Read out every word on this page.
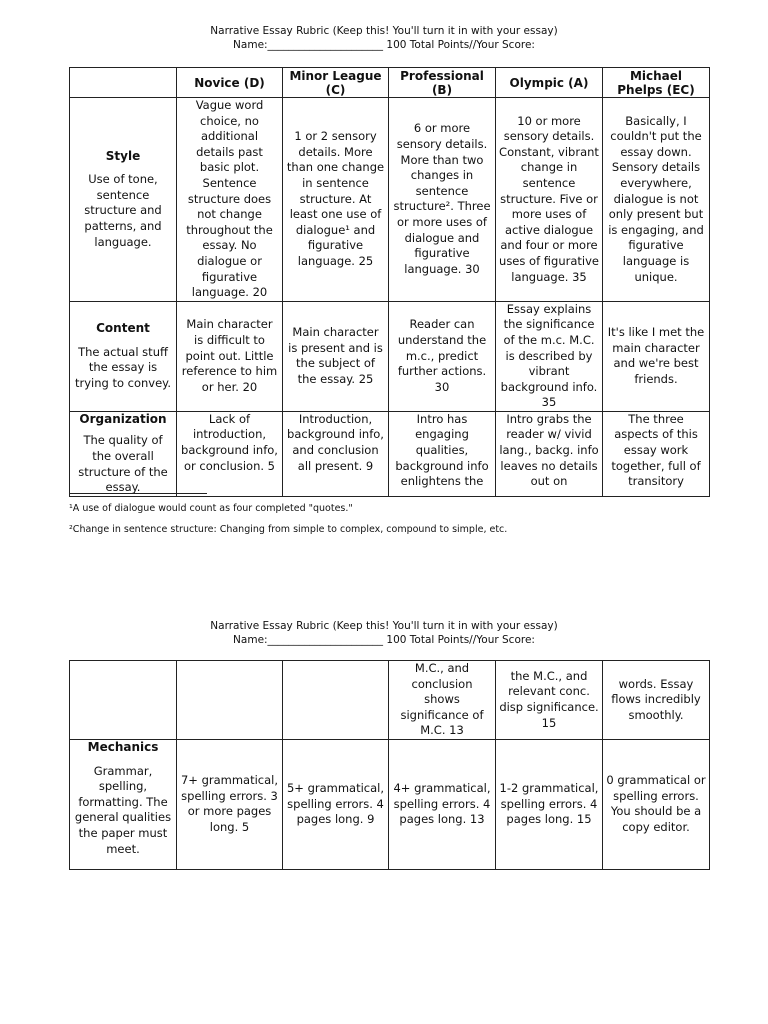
Narrative Essay Rubric (Keep this! You'll turn it in with your essay)
Name:______________________ 100 Total Points//Your Score:
	Novice (D)	Minor League (C)	Professional (B)	Olympic (A)	Michael Phelps (EC)

Style
Use of tone, sentence structure and patterns, and language.	Vague word choice, no additional details past basic plot. Sentence structure does not change throughout the essay. No dialogue or figurative language. 20	1 or 2 sensory details. More than one change in sentence structure. At least one use of dialogue¹ and figurative language. 25	6 or more sensory details. More than two changes in sentence structure². Three or more uses of dialogue and figurative language. 30	10 or more sensory details. Constant, vibrant change in sentence structure. Five or more uses of active dialogue and four or more uses of figurative language. 35	Basically, I couldn't put the essay down. Sensory details everywhere, dialogue is not only present but is engaging, and figurative language is unique.

Content
The actual stuff the essay is trying to convey.	Main character is difficult to point out. Little reference to him or her. 20	Main character is present and is the subject of the essay. 25	Reader can understand the m.c., predict further actions. 30	Essay explains the significance of the m.c. M.C. is described by vibrant background info. 35	It's like I met the main character and we're best friends.

Organization
The quality of the overall structure of the essay.	Lack of introduction, background info, or conclusion. 5	Introduction, background info, and conclusion all present. 9	Intro has engaging qualities, background info enlightens the	Intro grabs the reader w/ vivid lang., backg. info leaves no details out on	The three aspects of this essay work together, full of transitory
¹A use of dialogue would count as four completed "quotes."
²Change in sentence structure: Changing from simple to complex, compound to simple, etc.
Narrative Essay Rubric (Keep this! You'll turn it in with your essay)
Name:______________________ 100 Total Points//Your Score:

			M.C., and conclusion shows significance of M.C. 13	the M.C., and relevant conc. disp significance. 15	words. Essay flows incredibly smoothly.

Mechanics
Grammar, spelling, formatting. The general qualities the paper must meet.	7+ grammatical, spelling errors. 3 or more pages long. 5	5+ grammatical, spelling errors. 4 pages long. 9	4+ grammatical, spelling errors. 4 pages long. 13	1-2 grammatical, spelling errors. 4 pages long. 15	0 grammatical or spelling errors. You should be a copy editor.
